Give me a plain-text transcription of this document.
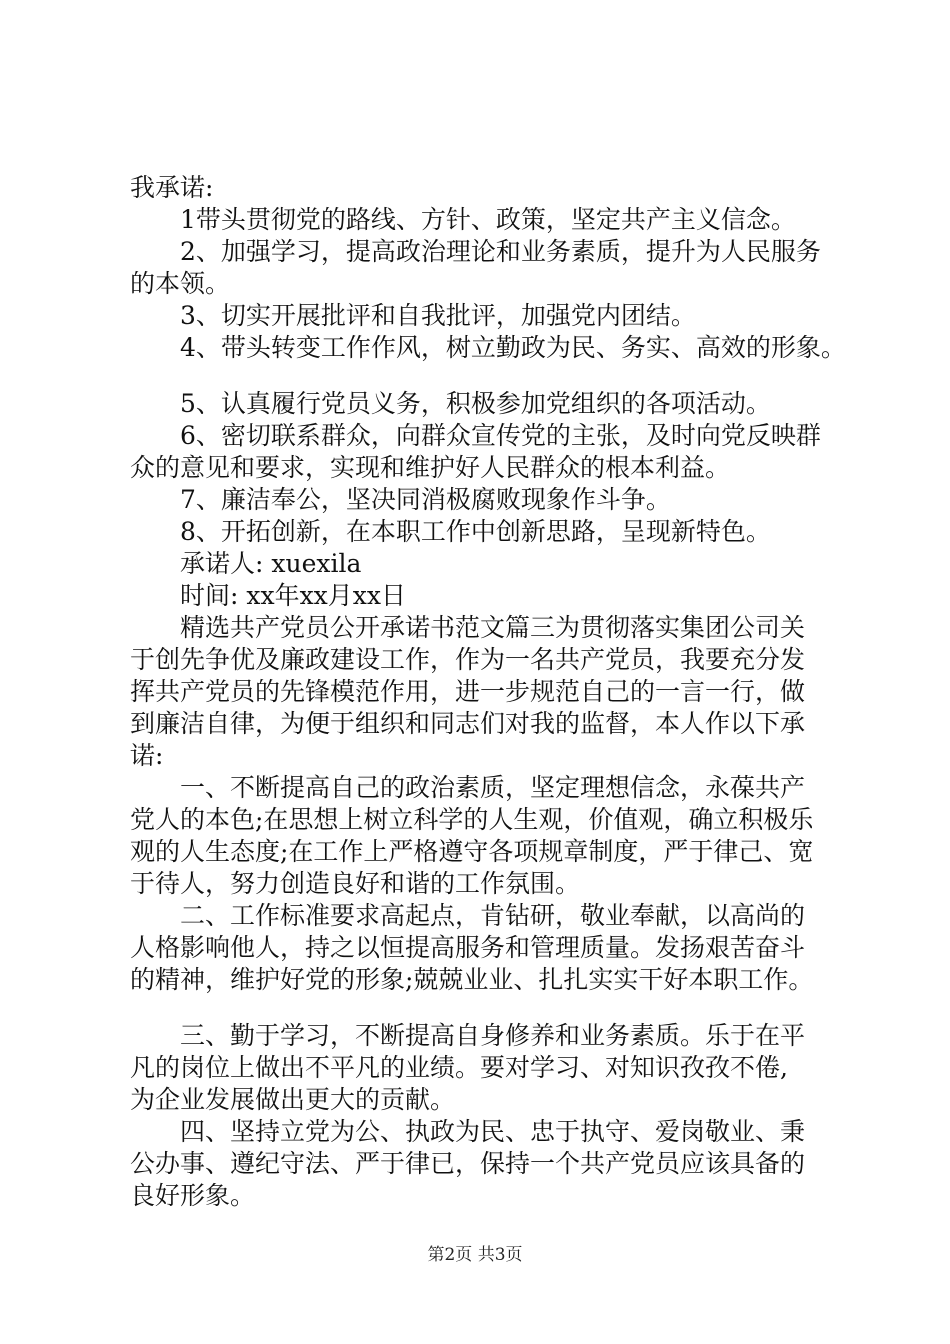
我承诺:
1带头贯彻党的路线、方针、政策，坚定共产主义信念。
2、加强学习，提高政治理论和业务素质，提升为人民服务
的本领。
3、切实开展批评和自我批评，加强党内团结。
4、带头转变工作作风，树立勤政为民、务实、高效的形象。
5、认真履行党员义务，积极参加党组织的各项活动。
6、密切联系群众，向群众宣传党的主张，及时向党反映群
众的意见和要求，实现和维护好人民群众的根本利益。
7、廉洁奉公，坚决同消极腐败现象作斗争。
8、开拓创新，在本职工作中创新思路，呈现新特色。
承诺人: xuexila
时间: xx年xx月xx日
精选共产党员公开承诺书范文篇三为贯彻落实集团公司关
于创先争优及廉政建设工作，作为一名共产党员，我要充分发
挥共产党员的先锋模范作用，进一步规范自己的一言一行，做
到廉洁自律，为便于组织和同志们对我的监督，本人作以下承
诺:
一、不断提高自己的政治素质，坚定理想信念，永葆共产
党人的本色;在思想上树立科学的人生观，价值观，确立积极乐
观的人生态度;在工作上严格遵守各项规章制度，严于律己、宽
于待人，努力创造良好和谐的工作氛围。
二、工作标准要求高起点，肯钻研，敬业奉献，以高尚的
人格影响他人，持之以恒提高服务和管理质量。发扬艰苦奋斗
的精神，维护好党的形象;兢兢业业、扎扎实实干好本职工作。
三、勤于学习，不断提高自身修养和业务素质。乐于在平
凡的岗位上做出不平凡的业绩。要对学习、对知识孜孜不倦,
为企业发展做出更大的贡献。
四、坚持立党为公、执政为民、忠于执守、爱岗敬业、秉
公办事、遵纪守法、严于律已，保持一个共产党员应该具备的
良好形象。
第2页 共3页
